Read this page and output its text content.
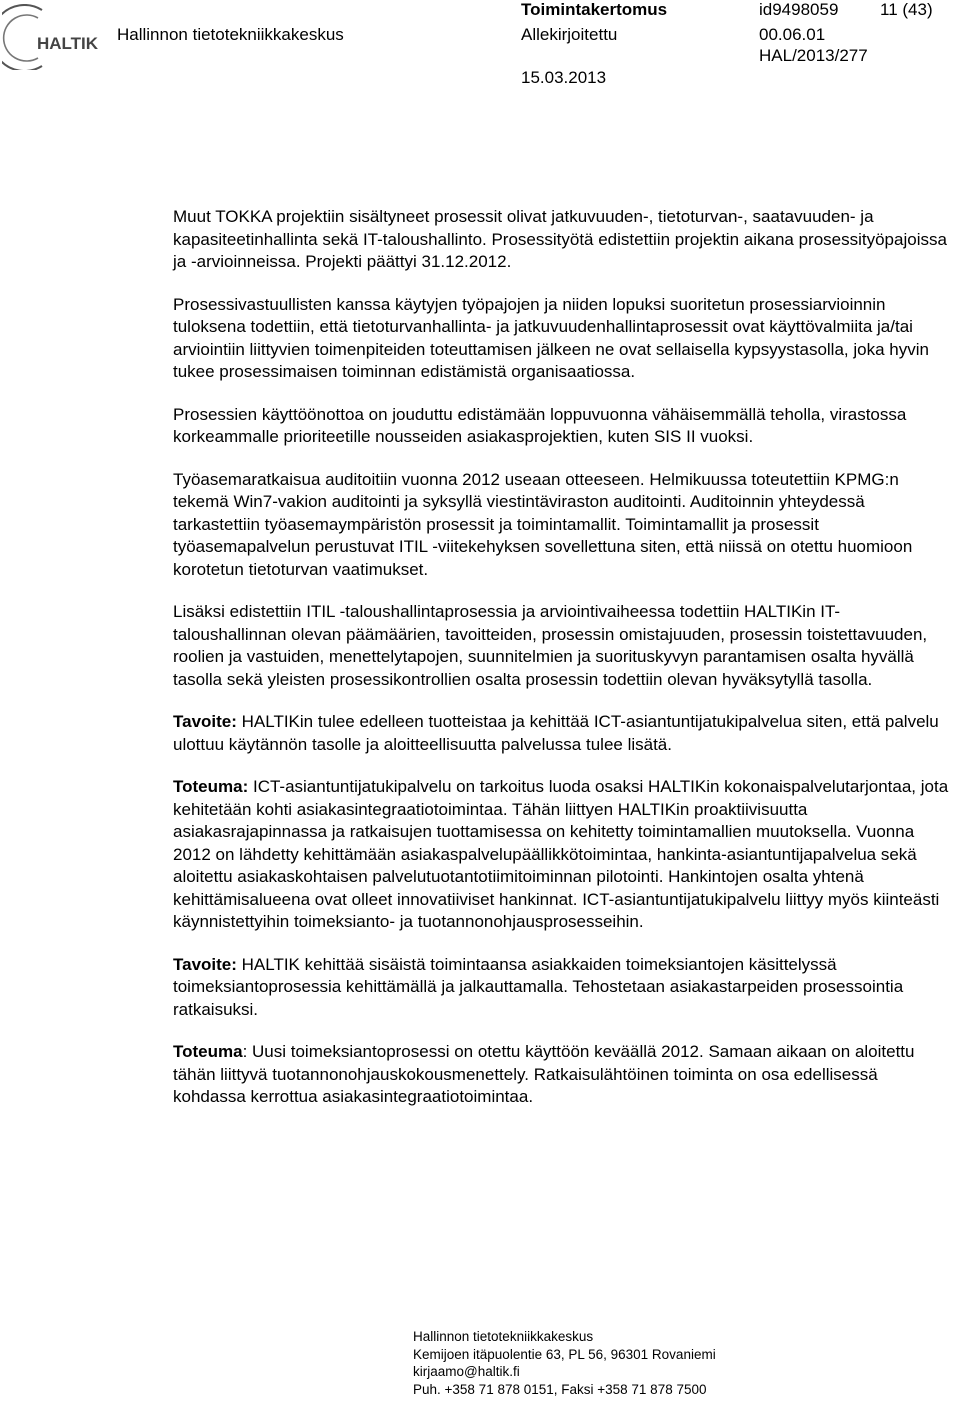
HALTIK Hallinnon tietotekniikkakeskus
Toimintakertomus
Allekirjoitettu
15.03.2013
id9498059 11 (43)
00.06.01
HAL/2013/277

Muut TOKKA projektiin sisältyneet prosessit olivat jatkuvuuden-, tietoturvan-, saatavuuden- ja kapasiteetinhallinta sekä IT-taloushallinto. Prosessityötä edistettiin projektin aikana prosessityöpajoissa ja -arvioinneissa. Projekti päättyi 31.12.2012.

Prosessivastuullisten kanssa käytyjen työpajojen ja niiden lopuksi suoritetun prosessiarvioinnin tuloksena todettiin, että tietoturvanhallinta- ja jatkuvuudenhallintaprosessit ovat käyttövalmiita ja/tai arviointiin liittyvien toimenpiteiden toteuttamisen jälkeen ne ovat sellaisella kypsyystasolla, joka hyvin tukee prosessimaisen toiminnan edistämistä organisaatiossa.

Prosessien käyttöönottoa on jouduttu edistämään loppuvuonna vähäisemmällä teholla, virastossa korkeammalle prioriteetille nousseiden asiakasprojektien, kuten SIS II vuoksi.

Työasemaratkaisua auditoitiin vuonna 2012 useaan otteeseen. Helmikuussa toteutettiin KPMG:n tekemä Win7-vakion auditointi ja syksyllä viestintäviraston auditointi. Auditoinnin yhteydessä tarkastettiin työasemaympäristön prosessit ja toimintamallit. Toimintamallit ja prosessit työasemapalvelun perustuvat ITIL -viitekehyksen sovellettuna siten, että niissä on otettu huomioon korotetun tietoturvan vaatimukset.

Lisäksi edistettiin ITIL -taloushallintaprosessia ja arviointivaiheessa todettiin HALTIKin IT-taloushallinnan olevan päämäärien, tavoitteiden, prosessin omistajuuden, prosessin toistettavuuden, roolien ja vastuiden, menettelytapojen, suunnitelmien ja suorituskyvyn parantamisen osalta hyvällä tasolla sekä yleisten prosessikontrollien osalta prosessin todettiin olevan hyväksytyllä tasolla.

Tavoite: HALTIKin tulee edelleen tuotteistaa ja kehittää ICT-asiantuntijatukipalvelua siten, että palvelu ulottuu käytännön tasolle ja aloitteellisuutta palvelussa tulee lisätä.

Toteuma: ICT-asiantuntijatukipalvelu on tarkoitus luoda osaksi HALTIKin kokonaispalvelutarjontaa, jota kehitetään kohti asiakasintegraatiotoimintaa. Tähän liittyen HALTIKin proaktiivisuutta asiakasrajapinnassa ja ratkaisujen tuottamisessa on kehitetty toimintamallien muutoksella. Vuonna 2012 on lähdetty kehittämään asiakaspalvelupäällikkötoimintaa, hankinta-asiantuntijapalvelua sekä aloitettu asiakaskohtaisen palvelutuotantotiimitoiminnan pilotointi. Hankintojen osalta yhtenä kehittämisalueena ovat olleet innovatiiviset hankinnat. ICT-asiantuntijatukipalvelu liittyy myös kiinteästi käynnistettyihin toimeksianto- ja tuotannonohjausprosesseihin.

Tavoite: HALTIK kehittää sisäistä toimintaansa asiakkaiden toimeksiantojen käsittelyssä toimeksiantoprosessia kehittämällä ja jalkauttamalla. Tehostetaan asiakastarpeiden prosessointia ratkaisuksi.

Toteuma: Uusi toimeksiantoprosessi on otettu käyttöön keväällä 2012. Samaan aikaan on aloitettu tähän liittyvä tuotannonohjauskokousmenettely. Ratkaisulähtöinen toiminta on osa edellisessä kohdassa kerrottua asiakasintegraatiotoimintaa.

Hallinnon tietotekniikkakeskus
Kemijoen itäpuolentie 63, PL 56, 96301 Rovaniemi
kirjaamo@haltik.fi
Puh. +358 71 878 0151, Faksi +358 71 878 7500
